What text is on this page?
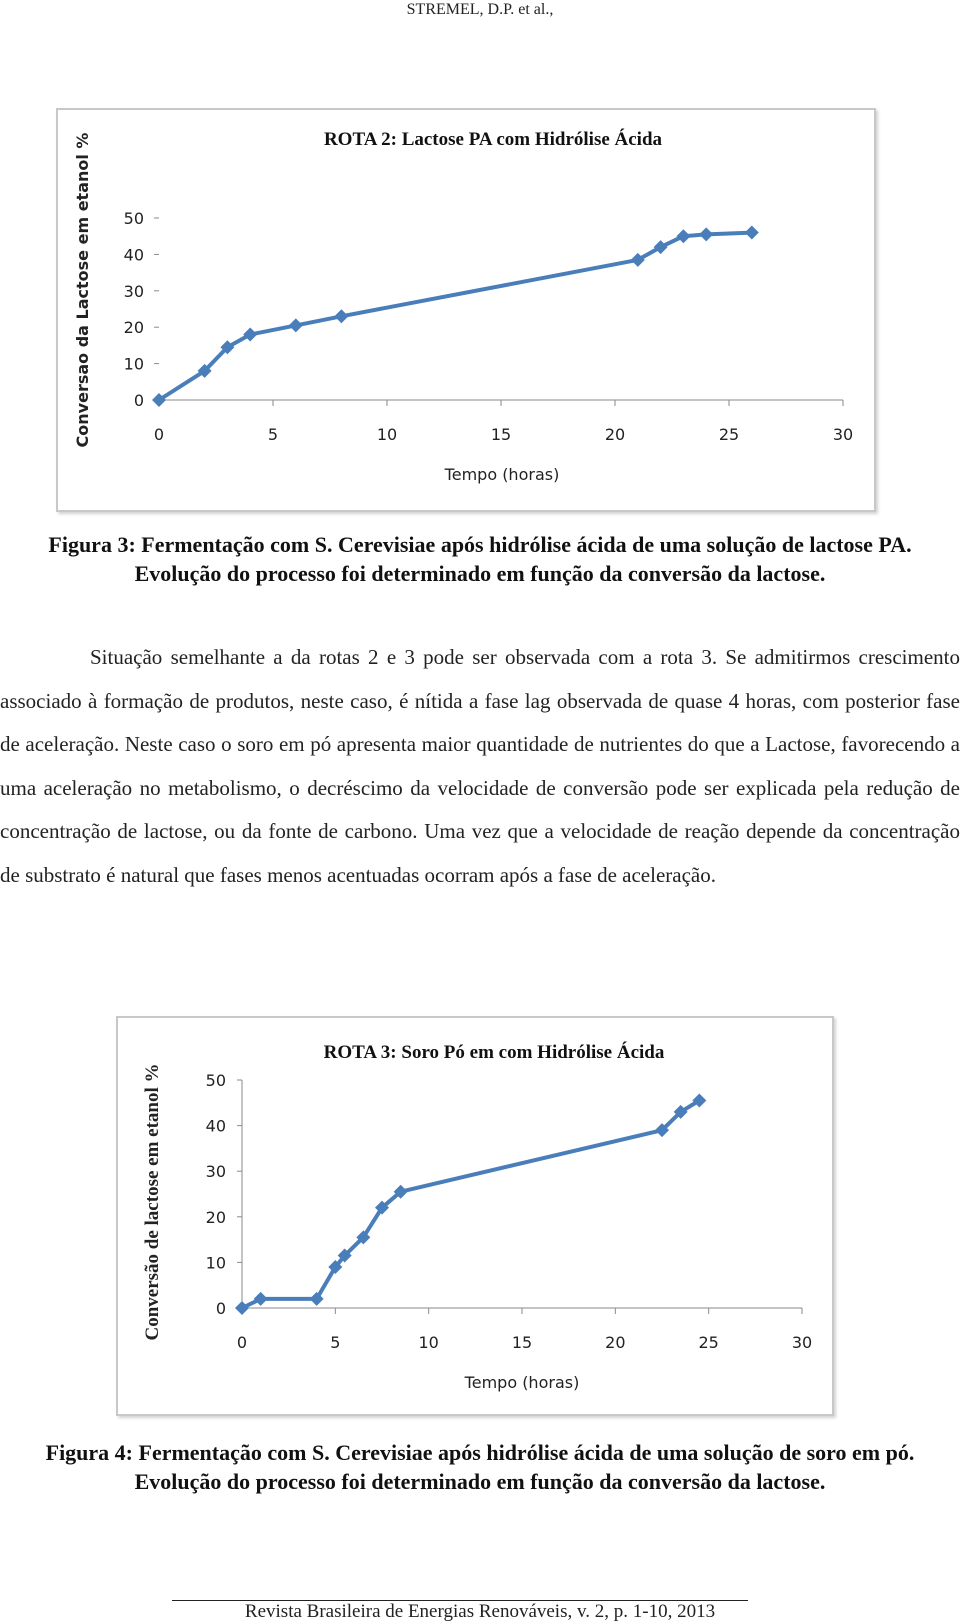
STREMEL, D.P. et al.,
ROTA 2: Lactose PA com Hidrólise Ácida
0	5	10	15	20	25	30
0
10
20
30
40
50
Tempo (horas)
Conversao da Lactose em etanol %

Figura 3: Fermentação com S. Cerevisiae após hidrólise ácida de uma solução de lactose PA. Evolução do processo foi determinado em função da conversão da lactose.

Situação semelhante a da rotas 2 e 3 pode ser observada com a rota 3. Se admitirmos crescimento associado à formação de produtos, neste caso, é nítida a fase lag observada de quase 4 horas, com posterior fase de aceleração. Neste caso o soro em pó apresenta maior quantidade de nutrientes do que a Lactose, favorecendo a uma aceleração no metabolismo, o decréscimo da velocidade de conversão pode ser explicada pela redução de concentração de lactose, ou da fonte de carbono. Uma vez que a velocidade de reação depende da concentração de substrato é natural que fases menos acentuadas ocorram após a fase de aceleração.

ROTA 3: Soro Pó em com Hidrólise Ácida
0	5	10	15	20	25	30
0
10
20
30
40
50
Tempo (horas)
Conversão de lactose em etanol %

Figura 4: Fermentação com S. Cerevisiae após hidrólise ácida de uma solução de soro em pó. Evolução do processo foi determinado em função da conversão da lactose.

Revista Brasileira de Energias Renováveis, v. 2, p. 1-10, 2013
